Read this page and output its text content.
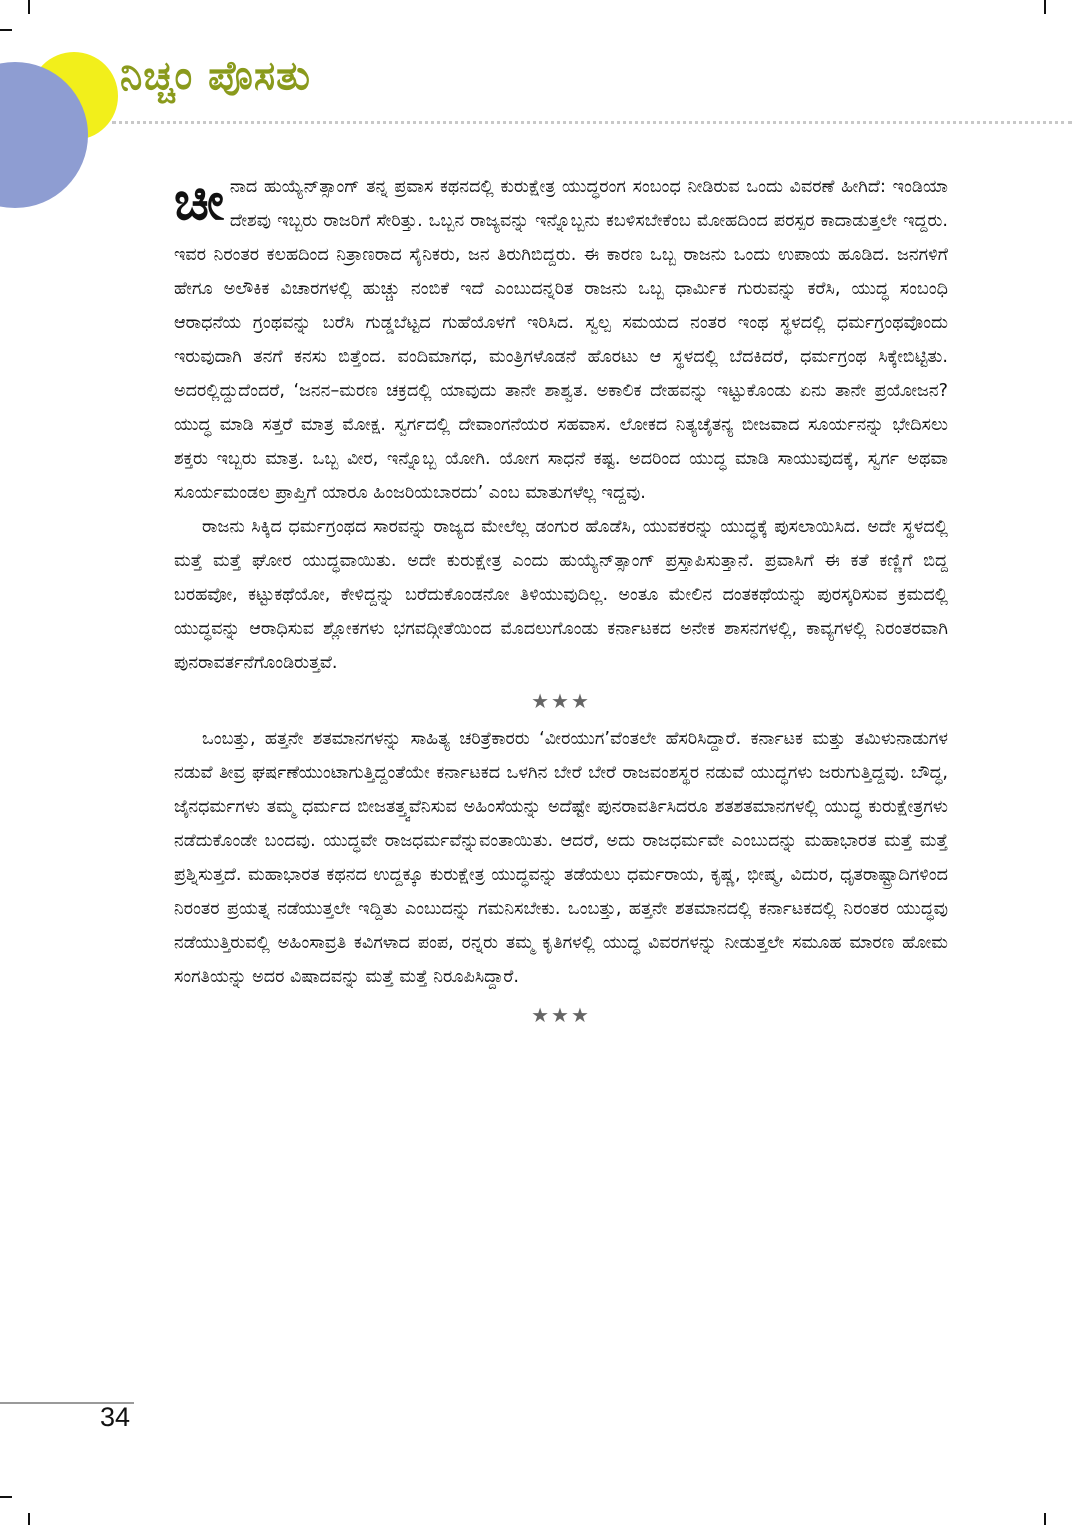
ನಿಚ್ಚಂ ಪೊಸತು

ಚೀನಾದ ಹುಯ್ಯೆನ್‌ತ್ಸಾಂಗ್ ತನ್ನ ಪ್ರವಾಸ ಕಥನದಲ್ಲಿ ಕುರುಕ್ಷೇತ್ರ ಯುದ್ಧರಂಗ ಸಂಬಂಧ ನೀಡಿರುವ ಒಂದು ವಿವರಣೆ ಹೀಗಿದೆ: ಇಂಡಿಯಾ ದೇಶವು ಇಬ್ಬರು ರಾಜರಿಗೆ ಸೇರಿತ್ತು. ಒಬ್ಬನ ರಾಜ್ಯವನ್ನು ಇನ್ನೊಬ್ಬನು ಕಬಳಿಸಬೇಕೆಂಬ ಮೋಹದಿಂದ ಪರಸ್ಪರ ಕಾದಾಡುತ್ತಲೇ ಇದ್ದರು. ಇವರ ನಿರಂತರ ಕಲಹದಿಂದ ನಿತ್ರಾಣರಾದ ಸೈನಿಕರು, ಜನ ತಿರುಗಿಬಿದ್ದರು. ಈ ಕಾರಣ ಒಬ್ಬ ರಾಜನು ಒಂದು ಉಪಾಯ ಹೂಡಿದ. ಜನಗಳಿಗೆ ಹೇಗೂ ಅಲೌಕಿಕ ವಿಚಾರಗಳಲ್ಲಿ ಹುಚ್ಚು ನಂಬಿಕೆ ಇದೆ ಎಂಬುದನ್ನರಿತ ರಾಜನು ಒಬ್ಬ ಧಾರ್ಮಿಕ ಗುರುವನ್ನು ಕರೆಸಿ, ಯುದ್ಧ ಸಂಬಂಧಿ ಆರಾಧನೆಯ ಗ್ರಂಥವನ್ನು ಬರೆಸಿ ಗುಡ್ಡಬೆಟ್ಟದ ಗುಹೆಯೊಳಗೆ ಇರಿಸಿದ. ಸ್ವಲ್ಪ ಸಮಯದ ನಂತರ ಇಂಥ ಸ್ಥಳದಲ್ಲಿ ಧರ್ಮಗ್ರಂಥವೊಂದು ಇರುವುದಾಗಿ ತನಗೆ ಕನಸು ಬಿತ್ತೆಂದ. ವಂದಿಮಾಗಧ, ಮಂತ್ರಿಗಳೊಡನೆ ಹೊರಟು ಆ ಸ್ಥಳದಲ್ಲಿ ಬೆದಕಿದರೆ, ಧರ್ಮಗ್ರಂಥ ಸಿಕ್ಕೇಬಿಟ್ಟಿತು. ಅದರಲ್ಲಿದ್ದುದೆಂದರೆ, ‘ಜನನ–ಮರಣ ಚಕ್ರದಲ್ಲಿ ಯಾವುದು ತಾನೇ ಶಾಶ್ವತ. ಅಕಾಲಿಕ ದೇಹವನ್ನು ಇಟ್ಟುಕೊಂಡು ಏನು ತಾನೇ ಪ್ರಯೋಜನ? ಯುದ್ಧ ಮಾಡಿ ಸತ್ತರೆ ಮಾತ್ರ ಮೋಕ್ಷ. ಸ್ವರ್ಗದಲ್ಲಿ ದೇವಾಂಗನೆಯರ ಸಹವಾಸ. ಲೋಕದ ನಿತ್ಯಚೈತನ್ಯ ಬೀಜವಾದ ಸೂರ್ಯನನ್ನು ಭೇದಿಸಲು ಶಕ್ತರು ಇಬ್ಬರು ಮಾತ್ರ. ಒಬ್ಬ ವೀರ, ಇನ್ನೊಬ್ಬ ಯೋಗಿ. ಯೋಗ ಸಾಧನೆ ಕಷ್ಟ. ಅದರಿಂದ ಯುದ್ಧ ಮಾಡಿ ಸಾಯುವುದಕ್ಕೆ, ಸ್ವರ್ಗ ಅಥವಾ ಸೂರ್ಯಮಂಡಲ ಪ್ರಾಪ್ತಿಗೆ ಯಾರೂ ಹಿಂಜರಿಯಬಾರದು’ ಎಂಬ ಮಾತುಗಳೆಲ್ಲ ಇದ್ದವು.

ರಾಜನು ಸಿಕ್ಕಿದ ಧರ್ಮಗ್ರಂಥದ ಸಾರವನ್ನು ರಾಜ್ಯದ ಮೇಲೆಲ್ಲ ಡಂಗುರ ಹೊಡೆಸಿ, ಯುವಕರನ್ನು ಯುದ್ಧಕ್ಕೆ ಪುಸಲಾಯಿಸಿದ. ಅದೇ ಸ್ಥಳದಲ್ಲಿ ಮತ್ತೆ ಮತ್ತೆ ಘೋರ ಯುದ್ಧವಾಯಿತು. ಅದೇ ಕುರುಕ್ಷೇತ್ರ ಎಂದು ಹುಯ್ಯೆನ್‌ತ್ಸಾಂಗ್ ಪ್ರಸ್ತಾಪಿಸುತ್ತಾನೆ. ಪ್ರವಾಸಿಗೆ ಈ ಕತೆ ಕಣ್ಣಿಗೆ ಬಿದ್ದ ಬರಹವೋ, ಕಟ್ಟುಕಥೆಯೋ, ಕೇಳಿದ್ದನ್ನು ಬರೆದುಕೊಂಡನೋ ತಿಳಿಯುವುದಿಲ್ಲ. ಅಂತೂ ಮೇಲಿನ ದಂತಕಥೆಯನ್ನು ಪುರಸ್ಕರಿಸುವ ಕ್ರಮದಲ್ಲಿ ಯುದ್ಧವನ್ನು ಆರಾಧಿಸುವ ಶ್ಲೋಕಗಳು ಭಗವದ್ಗೀತೆಯಿಂದ ಮೊದಲುಗೊಂಡು ಕರ್ನಾಟಕದ ಅನೇಕ ಶಾಸನಗಳಲ್ಲಿ, ಕಾವ್ಯಗಳಲ್ಲಿ ನಿರಂತರವಾಗಿ ಪುನರಾವರ್ತನೆಗೊಂಡಿರುತ್ತವೆ.

★★★

ಒಂಬತ್ತು, ಹತ್ತನೇ ಶತಮಾನಗಳನ್ನು ಸಾಹಿತ್ಯ ಚರಿತ್ರೆಕಾರರು ‘ವೀರಯುಗ’ವೆಂತಲೇ ಹೆಸರಿಸಿದ್ದಾರೆ. ಕರ್ನಾಟಕ ಮತ್ತು ತಮಿಳುನಾಡುಗಳ ನಡುವೆ ತೀವ್ರ ಘರ್ಷಣೆಯುಂಟಾಗುತ್ತಿದ್ದಂತೆಯೇ ಕರ್ನಾಟಕದ ಒಳಗಿನ ಬೇರೆ ಬೇರೆ ರಾಜವಂಶಸ್ಥರ ನಡುವೆ ಯುದ್ಧಗಳು ಜರುಗುತ್ತಿದ್ದವು. ಬೌದ್ಧ, ಜೈನಧರ್ಮಗಳು ತಮ್ಮ ಧರ್ಮದ ಬೀಜತತ್ತ್ವವೆನಿಸುವ ಅಹಿಂಸೆಯನ್ನು ಅದೆಷ್ಟೇ ಪುನರಾವರ್ತಿಸಿದರೂ ಶತಶತಮಾನಗಳಲ್ಲಿ ಯುದ್ಧ ಕುರುಕ್ಷೇತ್ರಗಳು ನಡೆದುಕೊಂಡೇ ಬಂದವು. ಯುದ್ಧವೇ ರಾಜಧರ್ಮವೆನ್ನುವಂತಾಯಿತು. ಆದರೆ, ಅದು ರಾಜಧರ್ಮವೇ ಎಂಬುದನ್ನು ಮಹಾಭಾರತ ಮತ್ತೆ ಮತ್ತೆ ಪ್ರಶ್ನಿಸುತ್ತದೆ. ಮಹಾಭಾರತ ಕಥನದ ಉದ್ದಕ್ಕೂ ಕುರುಕ್ಷೇತ್ರ ಯುದ್ಧವನ್ನು ತಡೆಯಲು ಧರ್ಮರಾಯ, ಕೃಷ್ಣ, ಭೀಷ್ಮ, ವಿದುರ, ಧೃತರಾಷ್ಟ್ರಾದಿಗಳಿಂದ ನಿರಂತರ ಪ್ರಯತ್ನ ನಡೆಯುತ್ತಲೇ ಇದ್ದಿತು ಎಂಬುದನ್ನು ಗಮನಿಸಬೇಕು. ಒಂಬತ್ತು, ಹತ್ತನೇ ಶತಮಾನದಲ್ಲಿ ಕರ್ನಾಟಕದಲ್ಲಿ ನಿರಂತರ ಯುದ್ಧವು ನಡೆಯುತ್ತಿರುವಲ್ಲಿ ಅಹಿಂಸಾವ್ರತಿ ಕವಿಗಳಾದ ಪಂಪ, ರನ್ನರು ತಮ್ಮ ಕೃತಿಗಳಲ್ಲಿ ಯುದ್ಧ ವಿವರಗಳನ್ನು ನೀಡುತ್ತಲೇ ಸಮೂಹ ಮಾರಣ ಹೋಮ ಸಂಗತಿಯನ್ನು ಅದರ ವಿಷಾದವನ್ನು ಮತ್ತೆ ಮತ್ತೆ ನಿರೂಪಿಸಿದ್ದಾರೆ.

★★★
34
